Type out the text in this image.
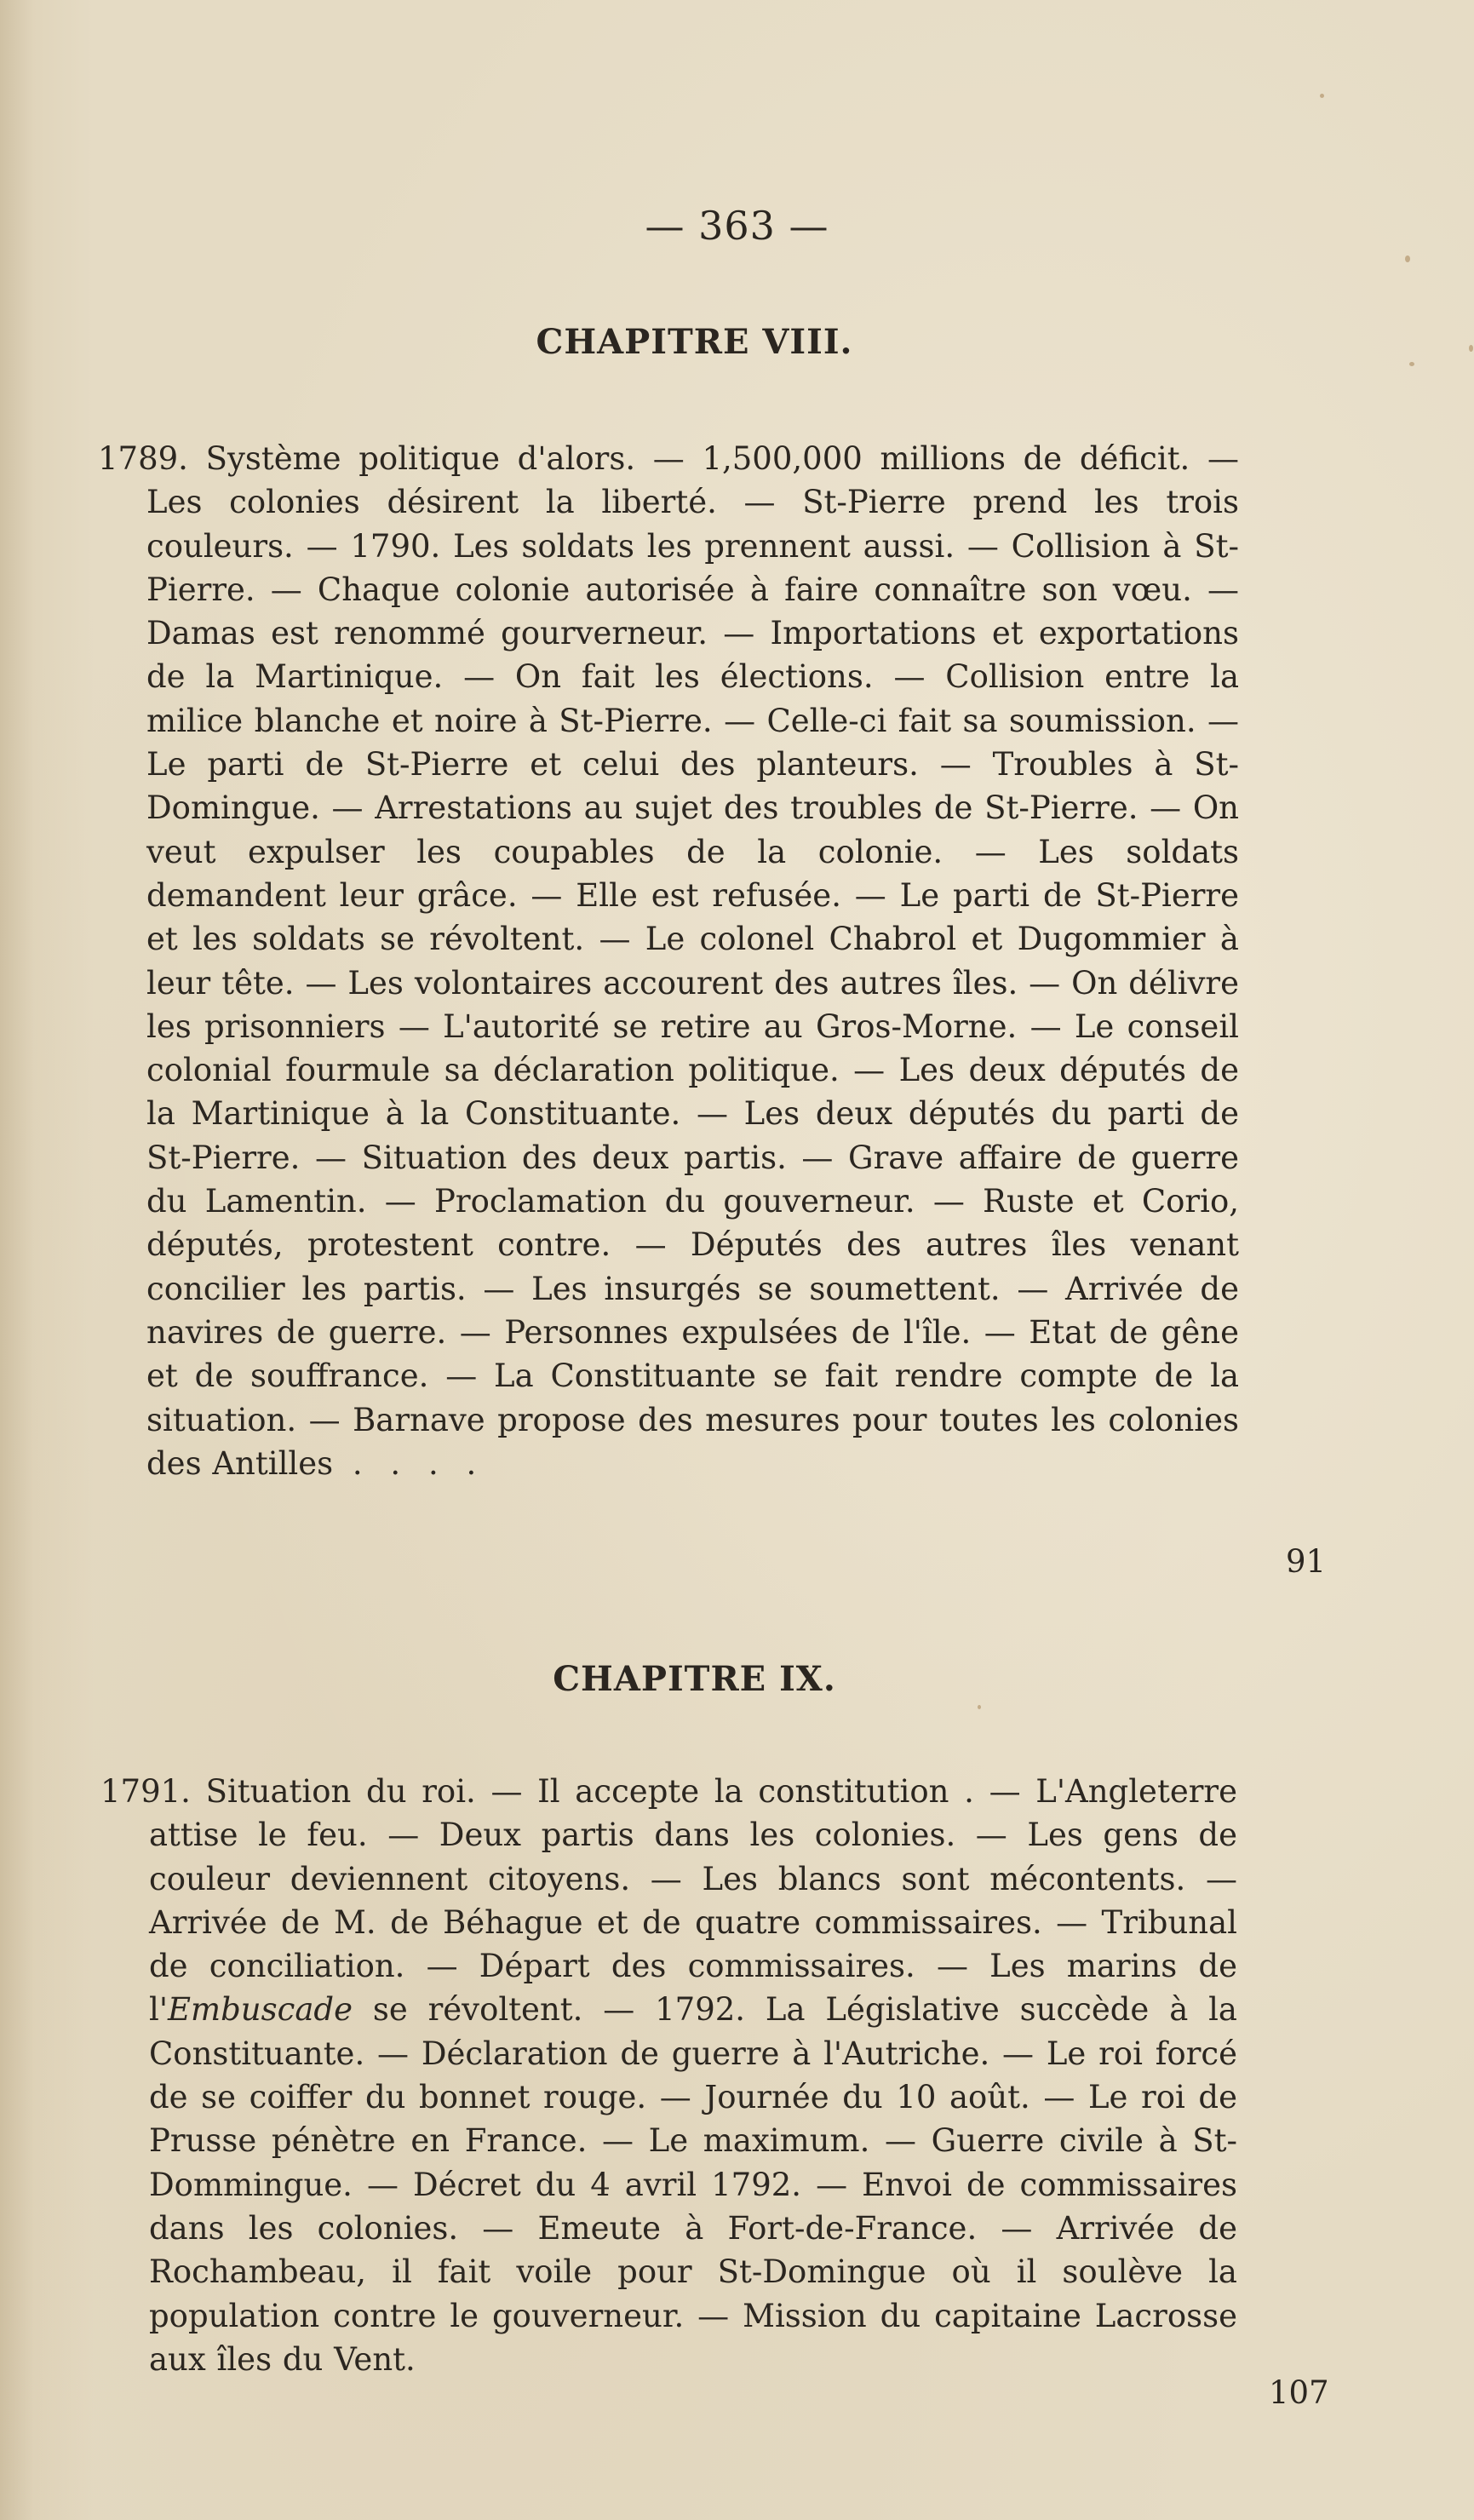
— 363 —
CHAPITRE VIII.
1789. Système politique d'alors. — 1,500,000 millions de déficit. — Les colonies désirent la liberté. — St-Pierre prend les trois couleurs. — 1790. Les soldats les prennent aussi. — Collision à St-Pierre. — Chaque colonie autorisée à faire connaître son vœu. — Damas est renommé gourverneur. — Importations et exportations de la Martinique. — On fait les élections. — Collision entre la milice blanche et noire à St-Pierre. — Celle-ci fait sa soumission. — Le parti de St-Pierre et celui des planteurs. — Troubles à St-Domingue. — Arrestations au sujet des troubles de St-Pierre. — On veut expulser les coupables de la colonie. — Les soldats demandent leur grâce. — Elle est refusée. — Le parti de St-Pierre et les soldats se révoltent. — Le colonel Chabrol et Dugommier à leur tête. — Les volontaires accourent des autres îles. — On délivre les prisonniers — L'autorité se retire au Gros-Morne. — Le conseil colonial fourmule sa déclaration politique. — Les deux députés de la Martinique à la Constituante. — Les deux députés du parti de St-Pierre. — Situation des deux partis. — Grave affaire de guerre du Lamentin. — Proclamation du gouverneur. — Ruste et Corio, députés, protestent contre. — Députés des autres îles venant concilier les partis. — Les insurgés se soumettent. — Arrivée de navires de guerre. — Personnes expulsées de l'île. — Etat de gêne et de souffrance. — La Constituante se fait rendre compte de la situation. — Barnave propose des mesures pour toutes les colonies des Antilles . . . .
91
CHAPITRE IX.
1791. Situation du roi. — Il accepte la constitution . — L'Angleterre attise le feu. — Deux partis dans les colonies. — Les gens de couleur deviennent citoyens. — Les blancs sont mécontents. — Arrivée de M. de Béhague et de quatre commissaires. — Tribunal de conciliation. — Départ des commissaires. — Les marins de l'Embuscade se révoltent. — 1792. La Législative succède à la Constituante. — Déclaration de guerre à l'Autriche. — Le roi forcé de se coiffer du bonnet rouge. — Journée du 10 août. — Le roi de Prusse pénètre en France. — Le maximum. — Guerre civile à St-Dommingue. — Décret du 4 avril 1792. — Envoi de commissaires dans les colonies. — Emeute à Fort-de-France. — Arrivée de Rochambeau, il fait voile pour St-Domingue où il soulève la population contre le gouverneur. — Mission du capitaine Lacrosse aux îles du Vent.
107
